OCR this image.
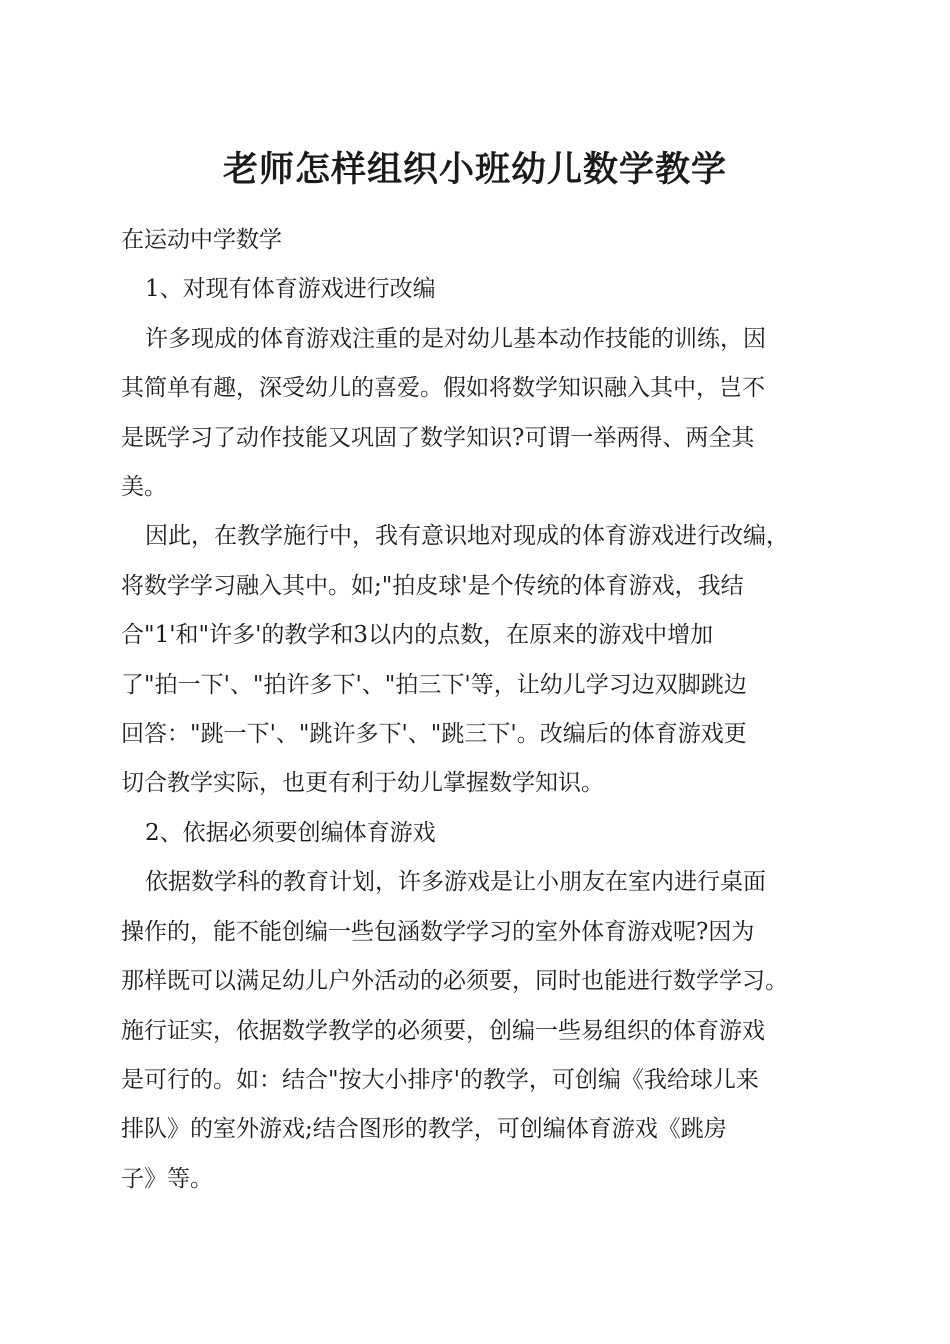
老师怎样组织小班幼儿数学教学

在运动中学数学

1、对现有体育游戏进行改编

许多现成的体育游戏注重的是对幼儿基本动作技能的训练，因
其简单有趣，深受幼儿的喜爱。假如将数学知识融入其中，岂不
是既学习了动作技能又巩固了数学知识?可谓一举两得、两全其
美。

因此，在教学施行中，我有意识地对现成的体育游戏进行改编，
将数学学习融入其中。如;"拍皮球'是个传统的体育游戏，我结
合"1'和"许多'的教学和3以内的点数，在原来的游戏中增加
了"拍一下'、"拍许多下'、"拍三下'等，让幼儿学习边双脚跳边
回答："跳一下'、"跳许多下'、"跳三下'。改编后的体育游戏更
切合教学实际，也更有利于幼儿掌握数学知识。

2、依据必须要创编体育游戏

依据数学科的教育计划，许多游戏是让小朋友在室内进行桌面
操作的，能不能创编一些包涵数学学习的室外体育游戏呢?因为
那样既可以满足幼儿户外活动的必须要，同时也能进行数学学习。
施行证实，依据数学教学的必须要，创编一些易组织的体育游戏
是可行的。如：结合"按大小排序'的教学，可创编《我给球儿来
排队》的室外游戏;结合图形的教学，可创编体育游戏《跳房
子》等。
